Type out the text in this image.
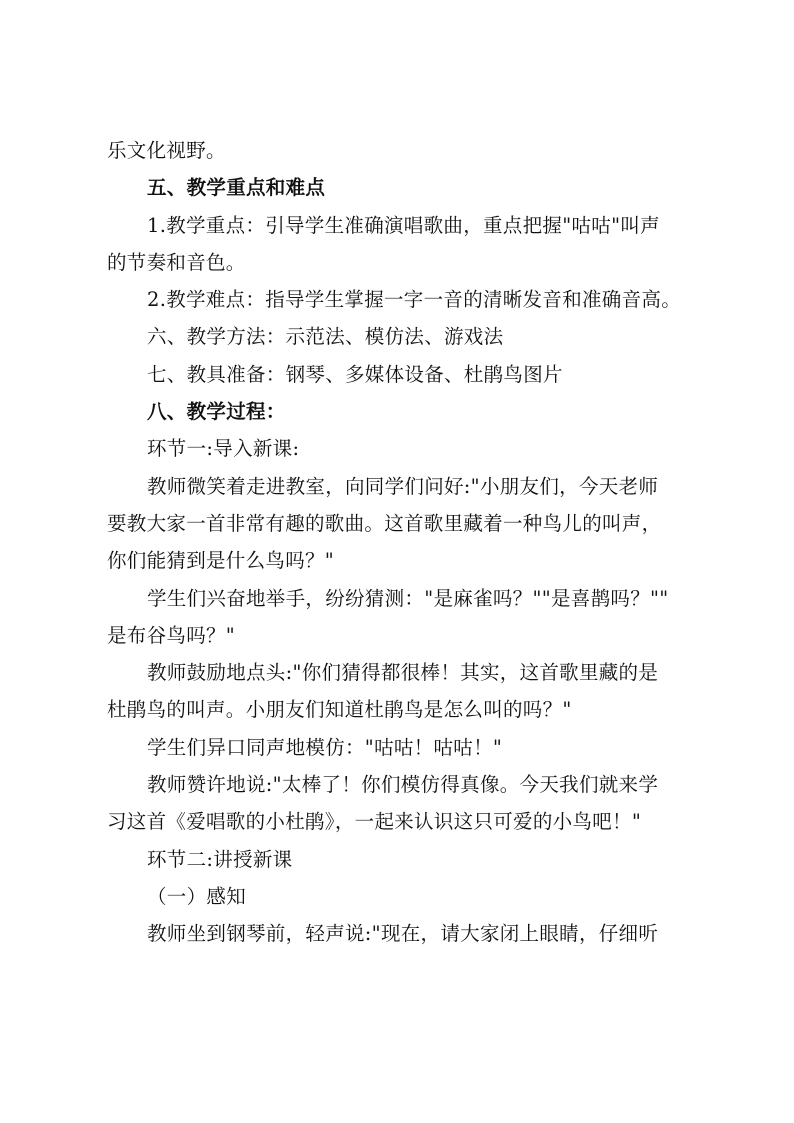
乐文化视野。
五、教学重点和难点
1.教学重点：引导学生准确演唱歌曲，重点把握"咕咕"叫声
的节奏和音色。
2.教学难点：指导学生掌握一字一音的清晰发音和准确音高。
六、教学方法：示范法、模仿法、游戏法
七、教具准备：钢琴、多媒体设备、杜鹃鸟图片
八、教学过程：
环节一:导入新课:
教师微笑着走进教室，向同学们问好:"小朋友们，今天老师
要教大家一首非常有趣的歌曲。这首歌里藏着一种鸟儿的叫声，
你们能猜到是什么鸟吗？"
学生们兴奋地举手，纷纷猜测："是麻雀吗？""是喜鹊吗？""
是布谷鸟吗？"
教师鼓励地点头:"你们猜得都很棒！其实，这首歌里藏的是
杜鹃鸟的叫声。小朋友们知道杜鹃鸟是怎么叫的吗？"
学生们异口同声地模仿："咕咕！咕咕！"
教师赞许地说:"太棒了！你们模仿得真像。今天我们就来学
习这首《爱唱歌的小杜鹃》，一起来认识这只可爱的小鸟吧！"
环节二:讲授新课
（一）感知
教师坐到钢琴前，轻声说:"现在，请大家闭上眼睛，仔细听
